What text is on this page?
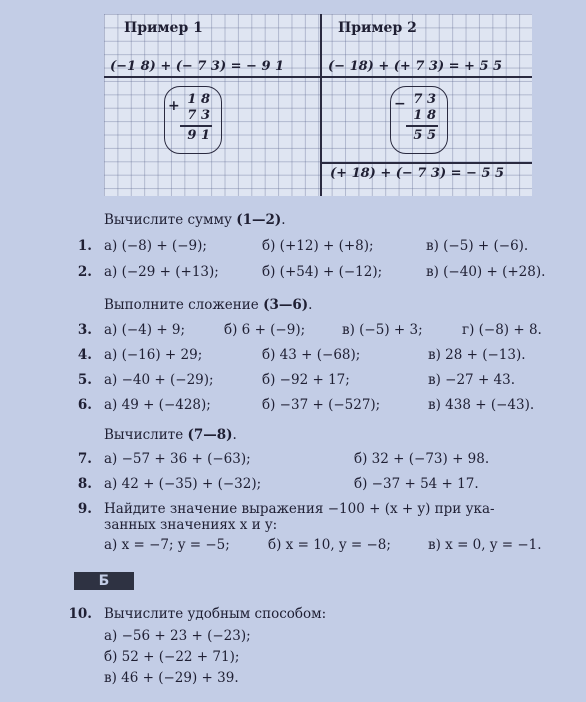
Пример 1	Пример 2
(−1 8) + (− 7 3) = − 9 1	(− 18) + (+ 7 3) = + 5 5
+ 1 8
7 3
9 1
− 7 3
1 8
5 5
(+ 18) + (− 7 3) = − 5 5
Вычислите сумму (1—2).
1. а) (−8) + (−9);	б) (+12) + (+8);	в) (−5) + (−6).
2. а) (−29 + (+13);	б) (+54) + (−12);	в) (−40) + (+28).
Выполните сложение (3—6).
3. а) (−4) + 9;	б) 6 + (−9);	в) (−5) + 3;	г) (−8) + 8.
4. а) (−16) + 29;	б) 43 + (−68);	в) 28 + (−13).
5. а) −40 + (−29);	б) −92 + 17;	в) −27 + 43.
6. а) 49 + (−428);	б) −37 + (−527);	в) 438 + (−43).
Вычислите (7—8).
7. а) −57 + 36 + (−63);	б) 32 + (−73) + 98.
8. а) 42 + (−35) + (−32);	б) −37 + 54 + 17.
9. Найдите значение выражения −100 + (x + y) при ука-
занных значениях x и y:
а) x = −7; y = −5;	б) x = 10, y = −8;	в) x = 0, y = −1.
Б
10. Вычислите удобным способом:
а) −56 + 23 + (−23);
б) 52 + (−22 + 71);
в) 46 + (−29) + 39.
